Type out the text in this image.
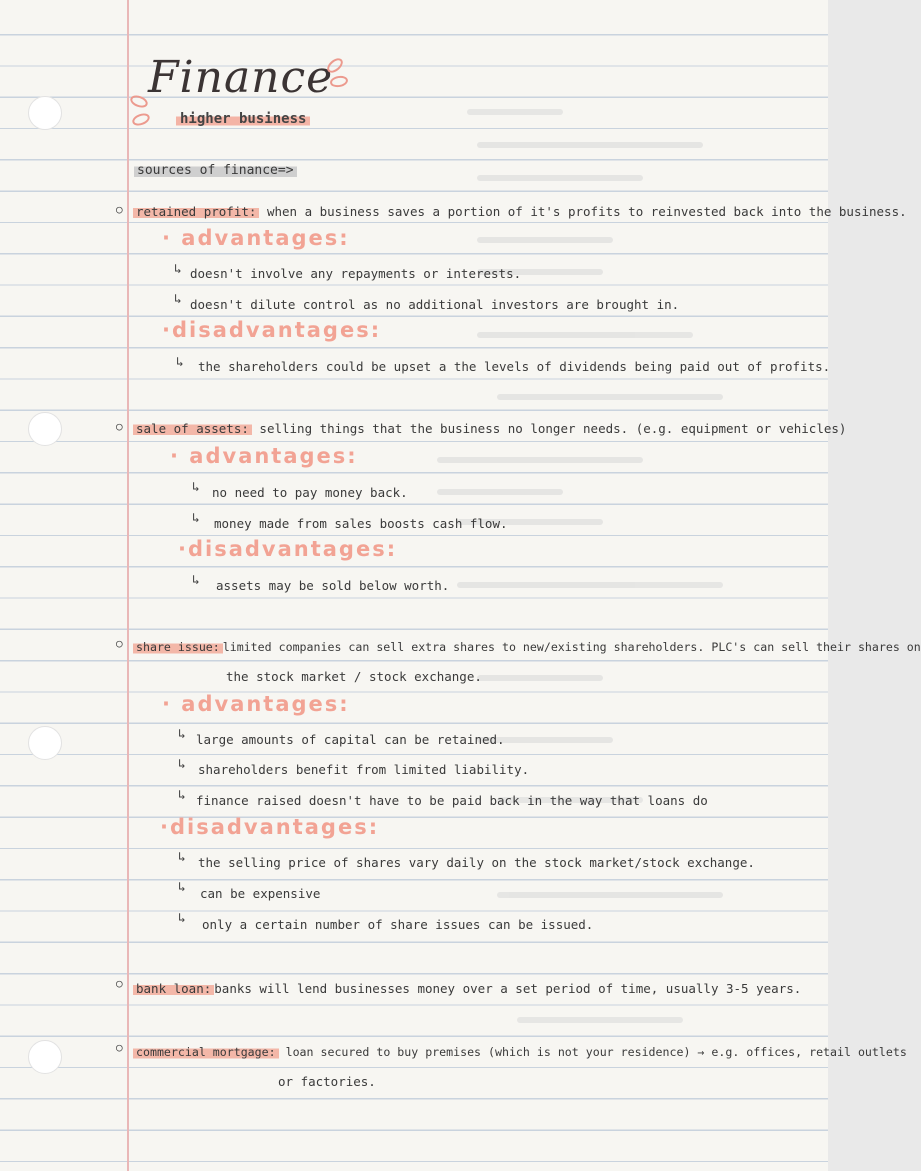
Finance
higher business
sources of finance=>
○ retained profit: when a business saves a portion of it's profits to reinvested back into the business.
· advantages:
↳ doesn't involve any repayments or interests.
↳ doesn't dilute control as no additional investors are brought in.
·disadvantages:
↳ the shareholders could be upset a the levels of dividends being paid out of profits.
○ sale of assets: selling things that the business no longer needs. (e.g. equipment or vehicles)
· advantages:
↳ no need to pay money back.
↳ money made from sales boosts cash flow.
·disadvantages:
↳ assets may be sold below worth.
○ share issue: limited companies can sell extra shares to new/existing shareholders. PLC's can sell their shares on
the stock market / stock exchange.
· advantages:
↳ large amounts of capital can be retained.
↳ shareholders benefit from limited liability.
↳ finance raised doesn't have to be paid back in the way that loans do
·disadvantages:
↳ the selling price of shares vary daily on the stock market/stock exchange.
↳ can be expensive
↳ only a certain number of share issues can be issued.
○ bank loan: banks will lend businesses money over a set period of time, usually 3-5 years.
○ commercial mortgage: loan secured to buy premises (which is not your residence) → e.g. offices, retail outlets
or factories.
